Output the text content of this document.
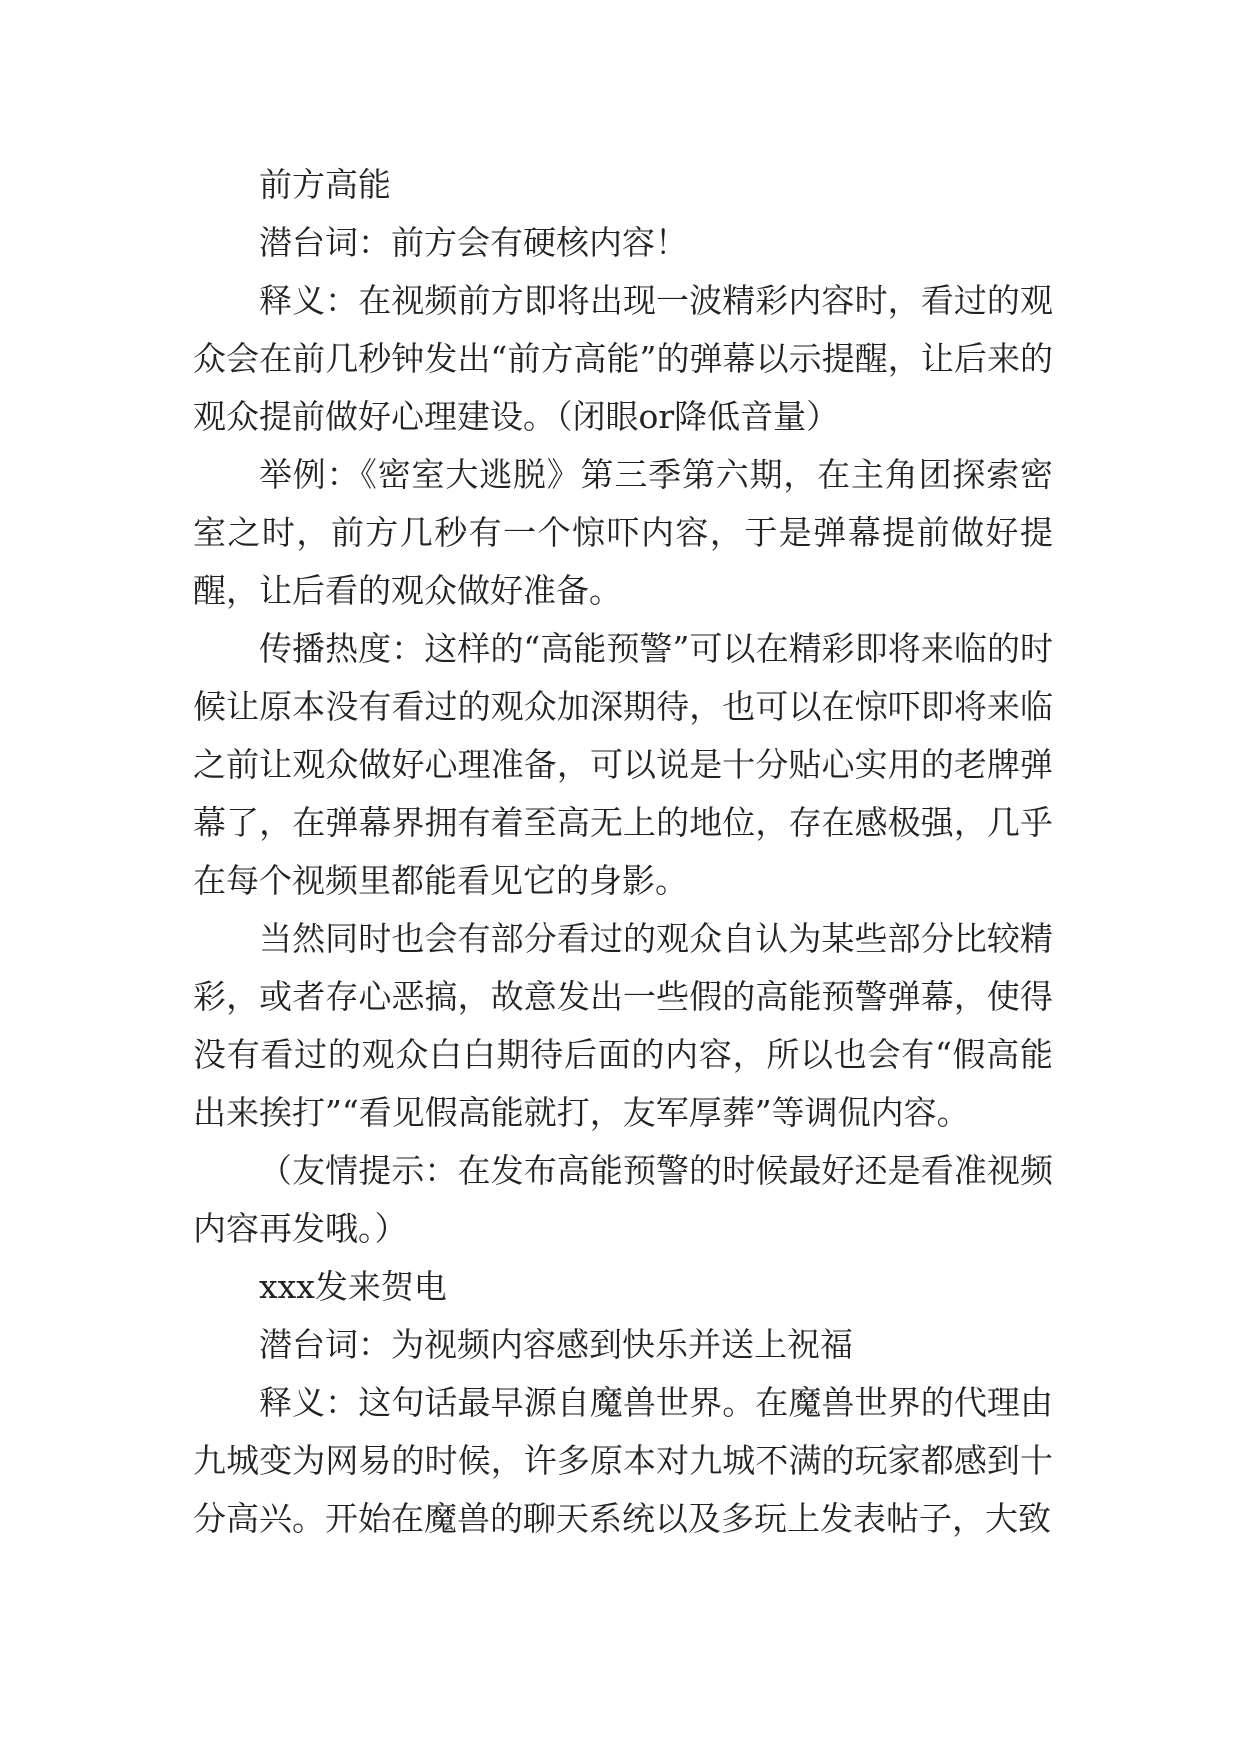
前方高能

潜台词：前方会有硬核内容！

释义：在视频前方即将出现一波精彩内容时，看过的观众会在前几秒钟发出“前方高能”的弹幕以示提醒，让后来的观众提前做好心理建设。（闭眼or降低音量）

举例：《密室大逃脱》第三季第六期，在主角团探索密室之时，前方几秒有一个惊吓内容，于是弹幕提前做好提醒，让后看的观众做好准备。

传播热度：这样的“高能预警”可以在精彩即将来临的时候让原本没有看过的观众加深期待，也可以在惊吓即将来临之前让观众做好心理准备，可以说是十分贴心实用的老牌弹幕了，在弹幕界拥有着至高无上的地位，存在感极强，几乎在每个视频里都能看见它的身影。

当然同时也会有部分看过的观众自认为某些部分比较精彩，或者存心恶搞，故意发出一些假的高能预警弹幕，使得没有看过的观众白白期待后面的内容，所以也会有“假高能出来挨打”“看见假高能就打，友军厚葬”等调侃内容。

（友情提示：在发布高能预警的时候最好还是看准视频内容再发哦。）

xxx发来贺电

潜台词：为视频内容感到快乐并送上祝福

释义：这句话最早源自魔兽世界。在魔兽世界的代理由九城变为网易的时候，许多原本对九城不满的玩家都感到十分高兴。开始在魔兽的聊天系统以及多玩上发表帖子，大致
